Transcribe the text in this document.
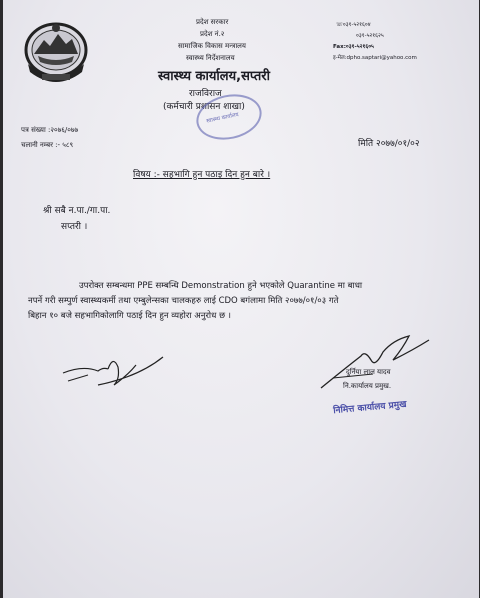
प्रदेश सरकार
प्रदेश नं.२
सामाजिक विकास मन्त्रालय
स्वास्थ्य निर्देशनालय
स्वास्थ्य कार्यालय,सप्तरी
राजविराज
(कर्मचारी प्रशासन शाखा)
स्वास्थ्य कार्यालय
☏०३१-५२१६०४
०३१-५२१६२५
Fax:०३१-५२१६०५
इ-मेल:dpho.saptari@yahoo.com
पत्र संख्या :२०७६/०७७
चलानी नम्बर :- ५८९	मिति २०७७/०१/०२
विषय :- सहभागि हुन पठाइ दिन हुन बारे ।
श्री सबै न.पा./गा.पा.
सप्तरी ।
उपरोक्त सम्बन्धमा PPE सम्बन्धि Demonstration हुने भएकोले Quarantine मा बाधा
नपर्ने गरी सम्पुर्ण स्वास्थ्यकर्मी तथा एम्बुलेन्सका चालकहरु लाई CDO बगंलामा मिति २०७७/०१/०३ गते
बिहान १० बजे सहभागिकोलागि पठाई दिन हुन व्यहोरा अनुरोध छ ।
दुर्निया लाल यादव
नि.कार्यालय प्रमुख.
निमित्त कार्यालय प्रमुख
